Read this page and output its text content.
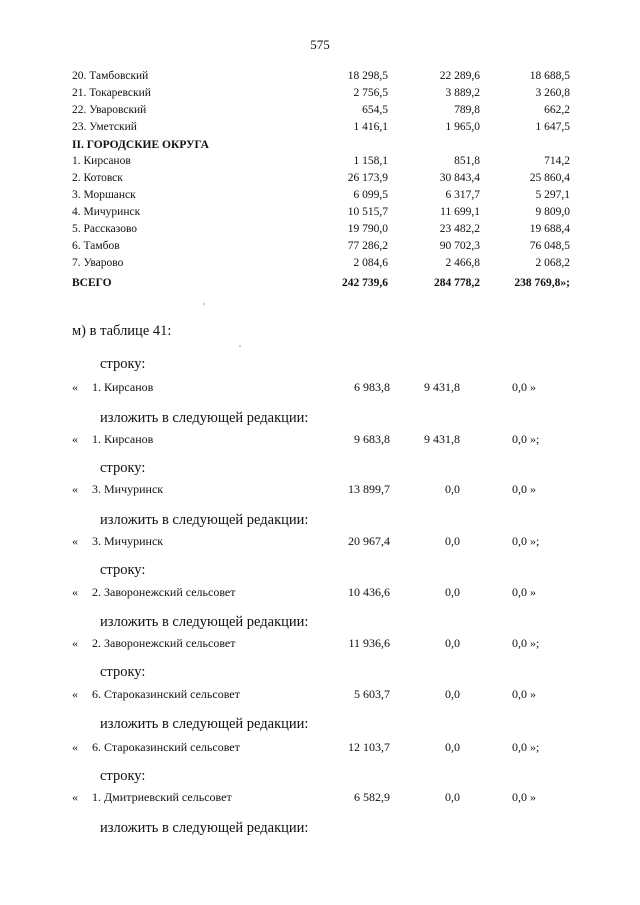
575
20. Тамбовский	18 298,5	22 289,6	18 688,5
21. Токаревский	2 756,5	3 889,2	3 260,8
22. Уваровский	654,5	789,8	662,2
23. Уметский	1 416,1	1 965,0	1 647,5
II. ГОРОДСКИЕ ОКРУГА
1. Кирсанов	1 158,1	851,8	714,2
2. Котовск	26 173,9	30 843,4	25 860,4
3. Моршанск	6 099,5	6 317,7	5 297,1
4. Мичуринск	10 515,7	11 699,1	9 809,0
5. Рассказово	19 790,0	23 482,2	19 688,4
6. Тамбов	77 286,2	90 702,3	76 048,5
7. Уварово	2 084,6	2 466,8	2 068,2
ВСЕГО	242 739,6	284 778,2	238 769,8»;
м) в таблице 41:
строку:
« 1. Кирсанов	6 983,8	9 431,8	0,0 »
изложить в следующей редакции:
« 1. Кирсанов	9 683,8	9 431,8	0,0 »;
строку:
« 3. Мичуринск	13 899,7	0,0	0,0 »
изложить в следующей редакции:
« 3. Мичуринск	20 967,4	0,0	0,0 »;
строку:
« 2. Заворонежский сельсовет	10 436,6	0,0	0,0 »
изложить в следующей редакции:
« 2. Заворонежский сельсовет	11 936,6	0,0	0,0 »;
строку:
« 6. Староказинский сельсовет	5 603,7	0,0	0,0 »
изложить в следующей редакции:
« 6. Староказинский сельсовет	12 103,7	0,0	0,0 »;
строку:
« 1. Дмитриевский сельсовет	6 582,9	0,0	0,0 »
изложить в следующей редакции:
